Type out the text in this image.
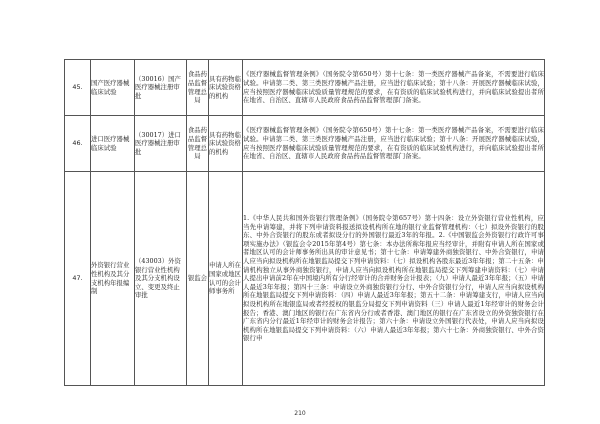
45.	国产医疗器械临床试验	（30016）国产医疗器械注册审批	食品药品监督管理总局	具有药物临床试验资格的机构	《医疗器械监督管理条例》（国务院令第650号）第十七条：第一类医疗器械产品备案，不需要进行临床试验。申请第二类、第三类医疗器械产品注册，应当进行临床试验；第十八条：开展医疗器械临床试验，应当按照医疗器械临床试验质量管理规范的要求，在有资质的临床试验机构进行，并向临床试验提出者所在地省、自治区、直辖市人民政府食品药品监督管理部门备案。
46.	进口医疗器械临床试验	（30017）进口医疗器械注册审批	食品药品监督管理总局	具有药物临床试验资格的机构	《医疗器械监督管理条例》（国务院令第650号）第十七条：第一类医疗器械产品备案，不需要进行临床试验。申请第二类、第三类医疗器械产品注册，应当进行临床试验；第十八条：开展医疗器械临床试验，应当按照医疗器械临床试验质量管理规范的要求，在有资质的临床试验机构进行，并向临床试验提出者所在地省、自治区、直辖市人民政府食品药品监督管理部门备案。
47.	外资银行营业性机构及其分支机构年报编制	（43003）外资银行营业性机构及其分支机构设立、变更及终止审批	银监会	申请人所在国家或地区认可的会计师事务所	1.《中华人民共和国外资银行管理条例》（国务院令第657号）第十四条：设立外资银行营业性机构，应当先申请筹建，并将下列申请资料报送拟设机构所在地的银行业监督管理机构：（七）拟设外资银行的股东、中外合资银行的股东或者拟设分行的外国银行最近3年的年报。2.《中国银监会外资银行行政许可事项实施办法》（银监会令2015年第4号）第七条：本办法所称年报应当经审计，并附有申请人所在国家或者地区认可的会计师事务所出具的审计意见书；第十七条：申请筹建外商独资银行、中外合资银行，申请人应当向拟设机构所在地银监局提交下列申请资料：（七）拟设机构各股东最近3年年报；第二十五条：申请机构独立从事外商独资银行，申请人应当向拟设机构所在地银监局提交下列筹建申请资料：（七）申请人提出申请前2年在中国境内所有分行经审计的合并财务会计报表；（九）申请人最近3年年报；（五）申请人最近3年年报；第四十三条：申请设立外商独资银行分行、中外合资银行分行，申请人应当向拟设机构所在地银监局提交下列申请资料：（四）申请人最近3年年报；第五十二条：申请筹建支行，申请人应当向拟设机构所在地银监局或者经授权的银监分局提交下列申请资料（三）申请人最近1年经审计的财务会计报告；香港、澳门地区的银行在广东省内分行或者香港、澳门地区的银行在广东省设立的外资独资银行在广东省内分行最近1年经审计的财务会计报告；第六十条：申请设立外国银行代表处，申请人应当向拟设机构所在地银监局提交下列申请资料：（六）申请人最近3年年报；第六十七条：外商独资银行、中外合资银行申
210
